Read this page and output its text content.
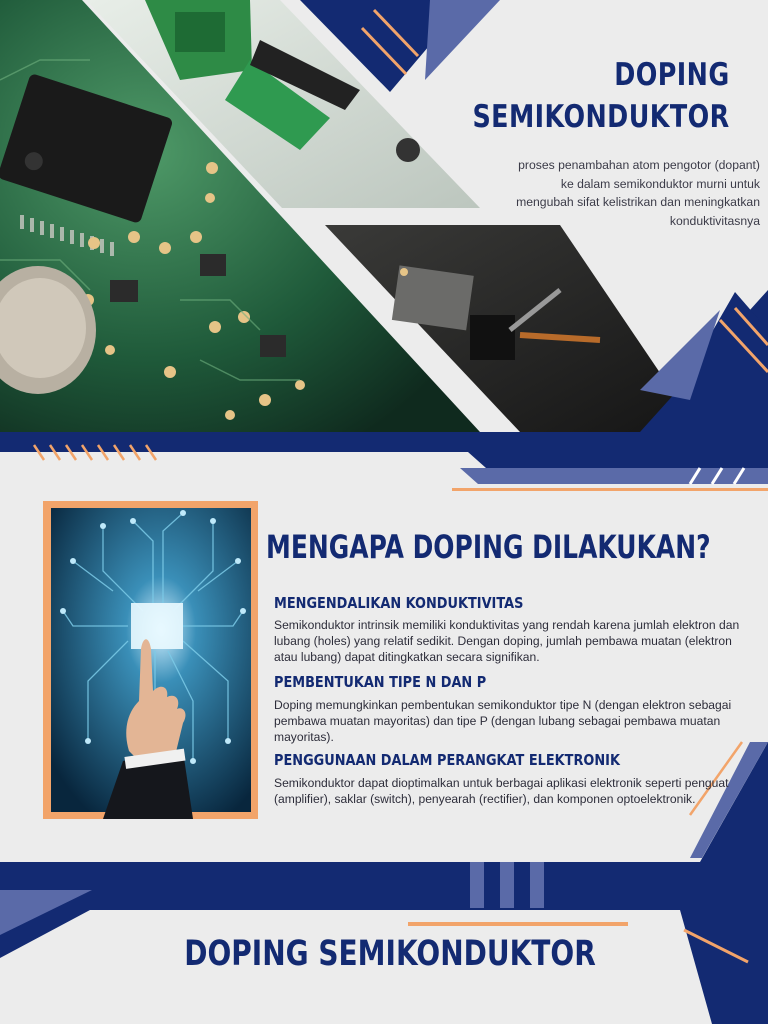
DOPING
SEMIKONDUKTOR
proses penambahan atom pengotor (dopant) ke dalam semikonduktor murni untuk mengubah sifat kelistrikan dan meningkatkan konduktivitasnya
MENGAPA DOPING DILAKUKAN?
MENGENDALIKAN KONDUKTIVITAS
Semikonduktor intrinsik memiliki konduktivitas yang rendah karena jumlah elektron dan lubang (holes) yang relatif sedikit. Dengan doping, jumlah pembawa muatan (elektron atau lubang) dapat ditingkatkan secara signifikan.
PEMBENTUKAN TIPE N DAN P
Doping memungkinkan pembentukan semikonduktor tipe N (dengan elektron sebagai pembawa muatan mayoritas) dan tipe P (dengan lubang sebagai pembawa muatan mayoritas).
PENGGUNAAN DALAM PERANGKAT ELEKTRONIK
Semikonduktor dapat dioptimalkan untuk berbagai aplikasi elektronik seperti penguat (amplifier), saklar (switch), penyearah (rectifier), dan komponen optoelektronik.
DOPING SEMIKONDUKTOR
